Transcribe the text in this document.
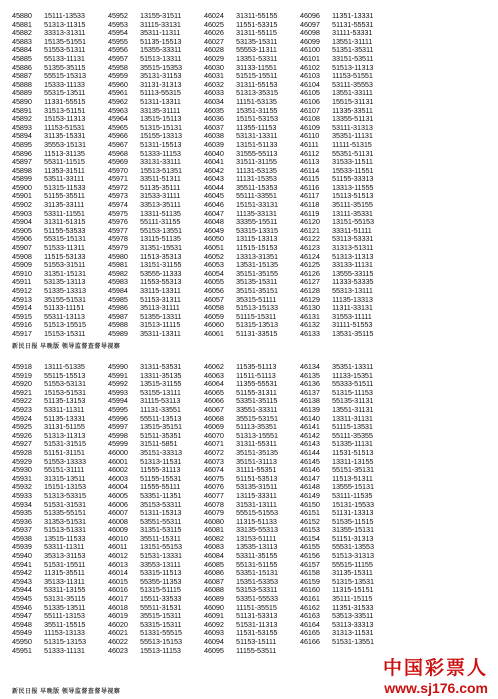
45880
45881
45882
45883
45884
45885
45886
45887
45888
45889
45890
45891
45892
45893
45894
45895
45896
45897
45898
45899
45900
45901
45902
45903
45904
45905
45906
45907
45908
45909
45910
45911
45912
45913
45914
45915
45916
45917
15111-13533
51313-11315
33313-31311
15135-51551
51553-51311
55133-11131
51355-35115
55515-15313
15333-11133
55315-13511
11331-55515
31513-51151
15153-11313
11153-51531
31135-15331
35553-15131
11513-31135
55311-11515
11353-31511
53511-33111
51315-11533
51155-35511
31135-33111
53311-11551
31311-51315
51155-53533
55315-15131
51533-11311
11515-53133
51553-31511
31351-15131
53135-13113
51335-13313
35155-51531
51133-11151
55311-13113
51513-15515
15153-15311
45952
45953
45954
45955
45956
45957
45958
45959
45960
45961
45962
45963
45964
45965
45966
45967
45968
45969
45970
45971
45972
45973
45974
45975
45976
45977
45978
45979
45980
45981
45982
45983
45984
45985
45986
45987
45988
45989
13155-31511
31115-33131
35311-11311
51135-15513
15355-33311
51513-13311
35515-15353
35131-31153
31131-31313
51113-55315
51311-13311
33135-31111
13515-15113
51315-15131
15155-13313
51311-15513
51333-11153
33131-33111
15513-51351
33511-51311
51135-35111
31533-31111
33513-35111
13311-51135
55111-31155
55153-13551
13115-51135
31351-15531
11513-35313
13151-31155
53555-11333
11553-55313
33115-13311
51153-31311
35113-31111
51355-13311
31513-11115
35311-13311
46024
46025
46026
46027
46028
46029
46030
46031
46032
46033
46034
46035
46036
46037
46038
46039
46040
46041
46042
46043
46044
46045
46046
46047
46048
46049
46050
46051
46052
46053
46054
46055
46056
46057
46058
46059
46060
46061
31311-55155
11551-53315
31311-55115
53135-15311
55553-11311
13351-53311
31133-11551
51515-15511
31311-55153
51313-35315
11151-53135
15351-31155
15151-53153
11355-11153
53131-13311
13151-51133
31555-55113
31511-31155
11131-53135
11131-15353
35511-15353
55111-33551
15151-33131
11135-33131
33355-15511
53315-13315
13115-13313
11515-15153
13313-31351
13531-15135
35151-35155
35135-15311
35151-35151
35315-51111
51513-15133
51115-15311
51315-13513
51131-33515
46096
46097
46098
46099
46100
46101
46102
46103
46104
46105
46106
46107
46108
46109
46110
46111
46112
46113
46114
46115
46116
46117
46118
46119
46120
46121
46122
46123
46124
46125
46126
46127
46128
46129
46130
46131
46132
46133
11351-13331
51131-55531
31111-53331
13551-31111
51351-35311
33151-53511
51513-11313
11153-51551
53111-35553
13551-33111
15515-31131
11335-33511
13355-51131
53111-31313
35351-11131
11111-51315
55351-51131
31533-11511
15533-11551
51155-33313
13313-11555
15113-51513
35111-35155
13111-35331
13151-55153
33311-51111
53113-53331
31313-51311
51313-11313
33133-11131
13555-33115
11333-53335
55313-13111
11135-13313
11311-33131
31553-11111
31111-51553
13531-35115
新民日报 早晚版 领导监督查督导视察
45918
45919
45920
45921
45922
45923
45924
45925
45926
45927
45928
45929
45930
45931
45932
45933
45934
45935
45936
45937
45938
45939
45940
45941
45942
45943
45944
45945
45946
45947
45948
45949
45950
45951
13111-51335
55115-15513
51553-53131
15153-51531
51135-13153
53311-11311
51135-13331
31131-51155
51313-11313
51531-31515
51151-31151
51553-13333
55151-31111
31315-13511
15151-13153
51313-53315
51531-31531
51335-55151
31353-51531
51513-51331
13515-11533
53311-11311
35313-31153
51531-15511
11315-35511
35133-11311
53311-13155
53131-35115
51335-13511
55111-13153
35511-15515
11153-13133
51315-13153
51333-11131
45990
45991
45992
45993
45994
45995
45996
45997
45998
45999
46000
46001
46002
46003
46004
46005
46006
46007
46008
46009
46010
46011
46012
46013
46014
46015
46016
46017
46018
46019
46020
46021
46022
46023
31311-53531
13311-35135
13515-31155
53155-13111
31115-53113
11131-33551
55511-13513
13515-35151
51511-35351
31511-5851
35151-33313
51313-11531
11555-31113
51155-15531
11555-55111
53351-11351
35153-53311
51311-15313
53551-55311
31351-53115
35511-15311
13151-55153
51531-13331
33553-13111
53315-11513
55355-11353
51315-51115
15511-33533
55511-31531
35515-15311
53315-15311
51331-55515
55513-15153
15513-11153
46062
46063
46064
46065
46066
46067
46068
46069
46070
46071
46072
46073
46074
46075
46076
46077
46078
46079
46080
46081
46082
46083
46084
46085
46086
46087
46088
46089
46090
46091
46092
46093
46094
46095
11535-51113
11511-51113
11355-55531
51155-31311
53351-35115
33551-33311
35515-53151
51113-35351
51313-15551
31311-55311
35151-35135
35151-31113
31111-55351
51151-53513
53135-31511
13115-33311
31531-13111
55515-51553
11315-51133
33135-55313
13153-51111
13535-13113
53311-35155
55131-51155
53351-15131
15351-53353
53153-53311
53351-55533
11151-35515
51131-53313
51531-11313
11531-53155
51153-15111
11155-53511
46134
46135
46136
46137
46138
46139
46140
46141
46142
46143
46144
46145
46146
46147
46148
46149
46150
46151
46152
46153
46154
46155
46156
46157
46158
46159
46160
46161
46162
46163
46164
46165
46166
35351-13311
11133-15351
55333-51511
51315-11153
55135-31131
13551-31131
13311-31131
51115-13531
55111-35355
51335-11131
11531-51513
13311-13155
55151-35131
11513-51311
13555-15131
53111-11535
15131-15533
51131-13313
51535-11515
31355-15131
51151-31313
55531-13553
51513-31313
55515-11155
31135-15311
51315-13531
11315-15151
35111-15115
11351-31533
53513-33511
53113-33313
31313-11531
51531-13551
新民日报 早晚版 领导监督查督导视察
中国彩票人
www.sj176.com
